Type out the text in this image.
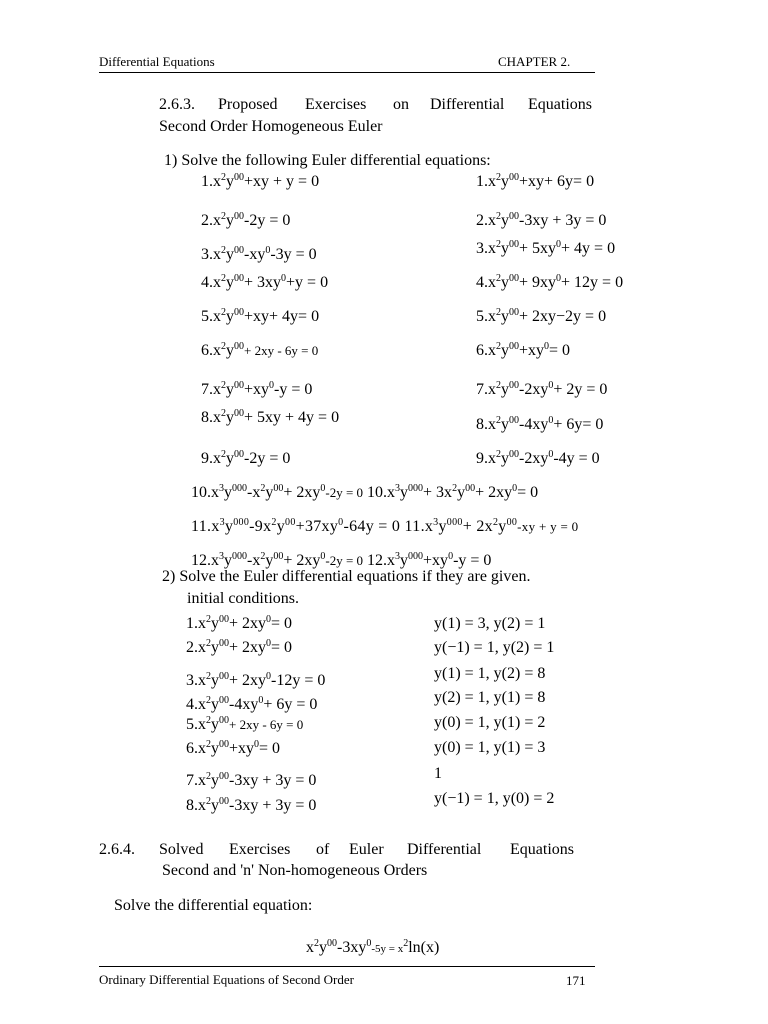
Differential Equations	CHAPTER 2.
2.6.3. Proposed Exercises on Differential Equations
Second Order Homogeneous Euler
1) Solve the following Euler differential equations:
$1.x^2y^{00}+xy + y = 0$
$2.x^2y^{00}-2y = 0$
$3.x^2y^{00}-xy^0-3y = 0$
$4.x^2y^{00}+ 3xy^0+y = 0$
$5.x^2y^{00}+xy+ 4y= 0$
$6.x^2y^{00}+ 2xy - 6y = 0$
$7.x^2y^{00}+xy^0-y = 0$
$8.x^2y^{00}+ 5xy + 4y = 0$
$9.x^2y^{00}-2y = 0$
$1.x^2y^{00}+xy+ 6y= 0$
$2.x^2y^{00}-3xy + 3y = 0$
$3.x^2y^{00}+ 5xy^0+ 4y = 0$
$4.x^2y^{00}+ 9xy^0+ 12y = 0$
$5.x^2y^{00}+ 2xy-2y = 0$
$6.x^2y^{00}+xy^0= 0$
$7.x^2y^{00}-2xy^0+ 2y = 0$
$8.x^2y^{00}-4xy^0+ 6y= 0$
$9.x^2y^{00}-2xy^0-4y = 0$
$10.x^3y^{000}-x^2y^{00}+ 2xy^0-2y = 0$ $10.x^3y^{000}+ 3x^2y^{00}+ 2xy^0= 0$
$11.x^3y^{000}-9x^2y^{00}+37xy^0-64y = 0$ $11.x^3y^{000}+ 2x^2y^{00}-xy + y = 0$
$12.x^3y^{000}-x^2y^{00}+ 2xy^0-2y = 0$ $12.x^3y^{000}+xy^0-y = 0$
2) Solve the Euler differential equations if they are given.
initial conditions.
$1.x^2y^{00}+ 2xy^0= 0$
$2.x^2y^{00}+ 2xy^0= 0$
$3.x^2y^{00}+ 2xy^0-12y = 0$
$4.x^2y^{00}-4xy^0+ 6y = 0$
$5.x^2y^{00}+ 2xy - 6y = 0$
$6.x^2y^{00}+xy^0= 0$
$7.x^2y^{00}-3xy + 3y = 0$
$8.x^2y^{00}-3xy + 3y = 0$
y(1) = 3, y(2) = 1
y(−1) = 1, y(2) = 1
y(1) = 1, y(2) = 8
y(2) = 1, y(1) = 8
y(0) = 1, y(1) = 2
y(0) = 1, y(1) = 3
1
y(−1) = 1, y(0) = 2
2.6.4. Solved Exercises of Euler Differential Equations
Second and 'n' Non-homogeneous Orders
Solve the differential equation:
$x^2y^{00}-3xy^0-5y = x^2\ln(x)$
Ordinary Differential Equations of Second Order	171
